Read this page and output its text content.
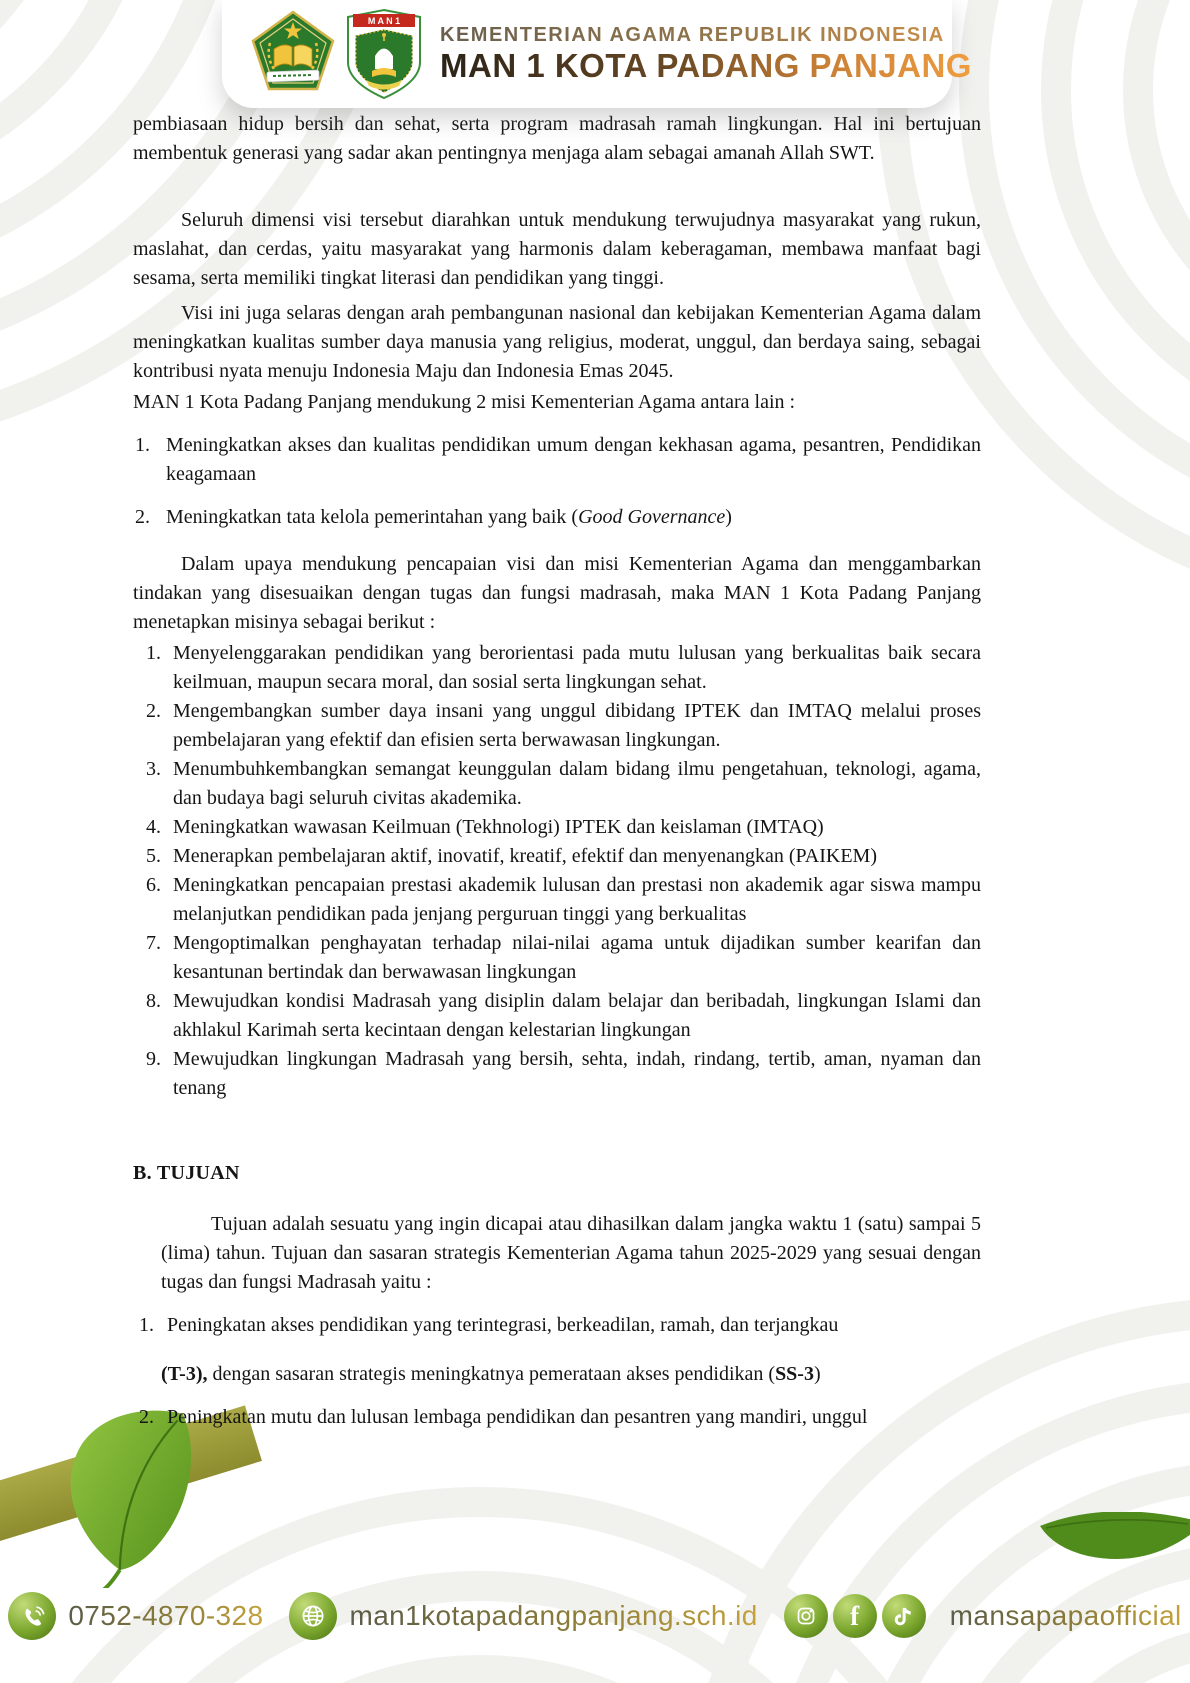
M A N 1
KEMENTERIAN AGAMA REPUBLIK INDONESIA
MAN 1 KOTA PADANG PANJANG

pembiasaan hidup bersih dan sehat, serta program madrasah ramah lingkungan. Hal ini bertujuan membentuk generasi yang sadar akan pentingnya menjaga alam sebagai amanah Allah SWT.

Seluruh dimensi visi tersebut diarahkan untuk mendukung terwujudnya masyarakat yang rukun, maslahat, dan cerdas, yaitu masyarakat yang harmonis dalam keberagaman, membawa manfaat bagi sesama, serta memiliki tingkat literasi dan pendidikan yang tinggi.

Visi ini juga selaras dengan arah pembangunan nasional dan kebijakan Kementerian Agama dalam meningkatkan kualitas sumber daya manusia yang religius, moderat, unggul, dan berdaya saing, sebagai kontribusi nyata menuju Indonesia Maju dan Indonesia Emas 2045.

MAN 1 Kota Padang Panjang mendukung 2 misi Kementerian Agama antara lain :

1. Meningkatkan akses dan kualitas pendidikan umum dengan kekhasan agama, pesantren, Pendidikan keagamaan
2. Meningkatkan tata kelola pemerintahan yang baik (Good Governance)

Dalam upaya mendukung pencapaian visi dan misi Kementerian Agama dan menggambarkan tindakan yang disesuaikan dengan tugas dan fungsi madrasah, maka MAN 1 Kota Padang Panjang menetapkan misinya sebagai berikut :

1. Menyelenggarakan pendidikan yang berorientasi pada mutu lulusan yang berkualitas baik secara keilmuan, maupun secara moral, dan sosial serta lingkungan sehat.
2. Mengembangkan sumber daya insani yang unggul dibidang IPTEK dan IMTAQ melalui proses pembelajaran yang efektif dan efisien serta berwawasan lingkungan.
3. Menumbuhkembangkan semangat keunggulan dalam bidang ilmu pengetahuan, teknologi, agama, dan budaya bagi seluruh civitas akademika.
4. Meningkatkan wawasan Keilmuan (Tekhnologi) IPTEK dan keislaman (IMTAQ)
5. Menerapkan pembelajaran aktif, inovatif, kreatif, efektif dan menyenangkan (PAIKEM)
6. Meningkatkan pencapaian prestasi akademik lulusan dan prestasi non akademik agar siswa mampu melanjutkan pendidikan pada jenjang perguruan tinggi yang berkualitas
7. Mengoptimalkan penghayatan terhadap nilai-nilai agama untuk dijadikan sumber kearifan dan kesantunan bertindak dan berwawasan lingkungan
8. Mewujudkan kondisi Madrasah yang disiplin dalam belajar dan beribadah, lingkungan Islami dan akhlakul Karimah serta kecintaan dengan kelestarian lingkungan
9. Mewujudkan lingkungan Madrasah yang bersih, sehta, indah, rindang, tertib, aman, nyaman dan tenang
B. TUJUAN

Tujuan adalah sesuatu yang ingin dicapai atau dihasilkan dalam jangka waktu 1 (satu) sampai 5 (lima) tahun. Tujuan dan sasaran strategis Kementerian Agama tahun 2025-2029 yang sesuai dengan tugas dan fungsi Madrasah yaitu :

1. Peningkatan akses pendidikan yang terintegrasi, berkeadilan, ramah, dan terjangkau

(T-3), dengan sasaran strategis meningkatnya pemerataan akses pendidikan (SS-3)

2. Peningkatan mutu dan lulusan lembaga pendidikan dan pesantren yang mandiri, unggul
0752-4870-328	man1kotapadangpanjang.sch.id	f	mansapapaofficial
